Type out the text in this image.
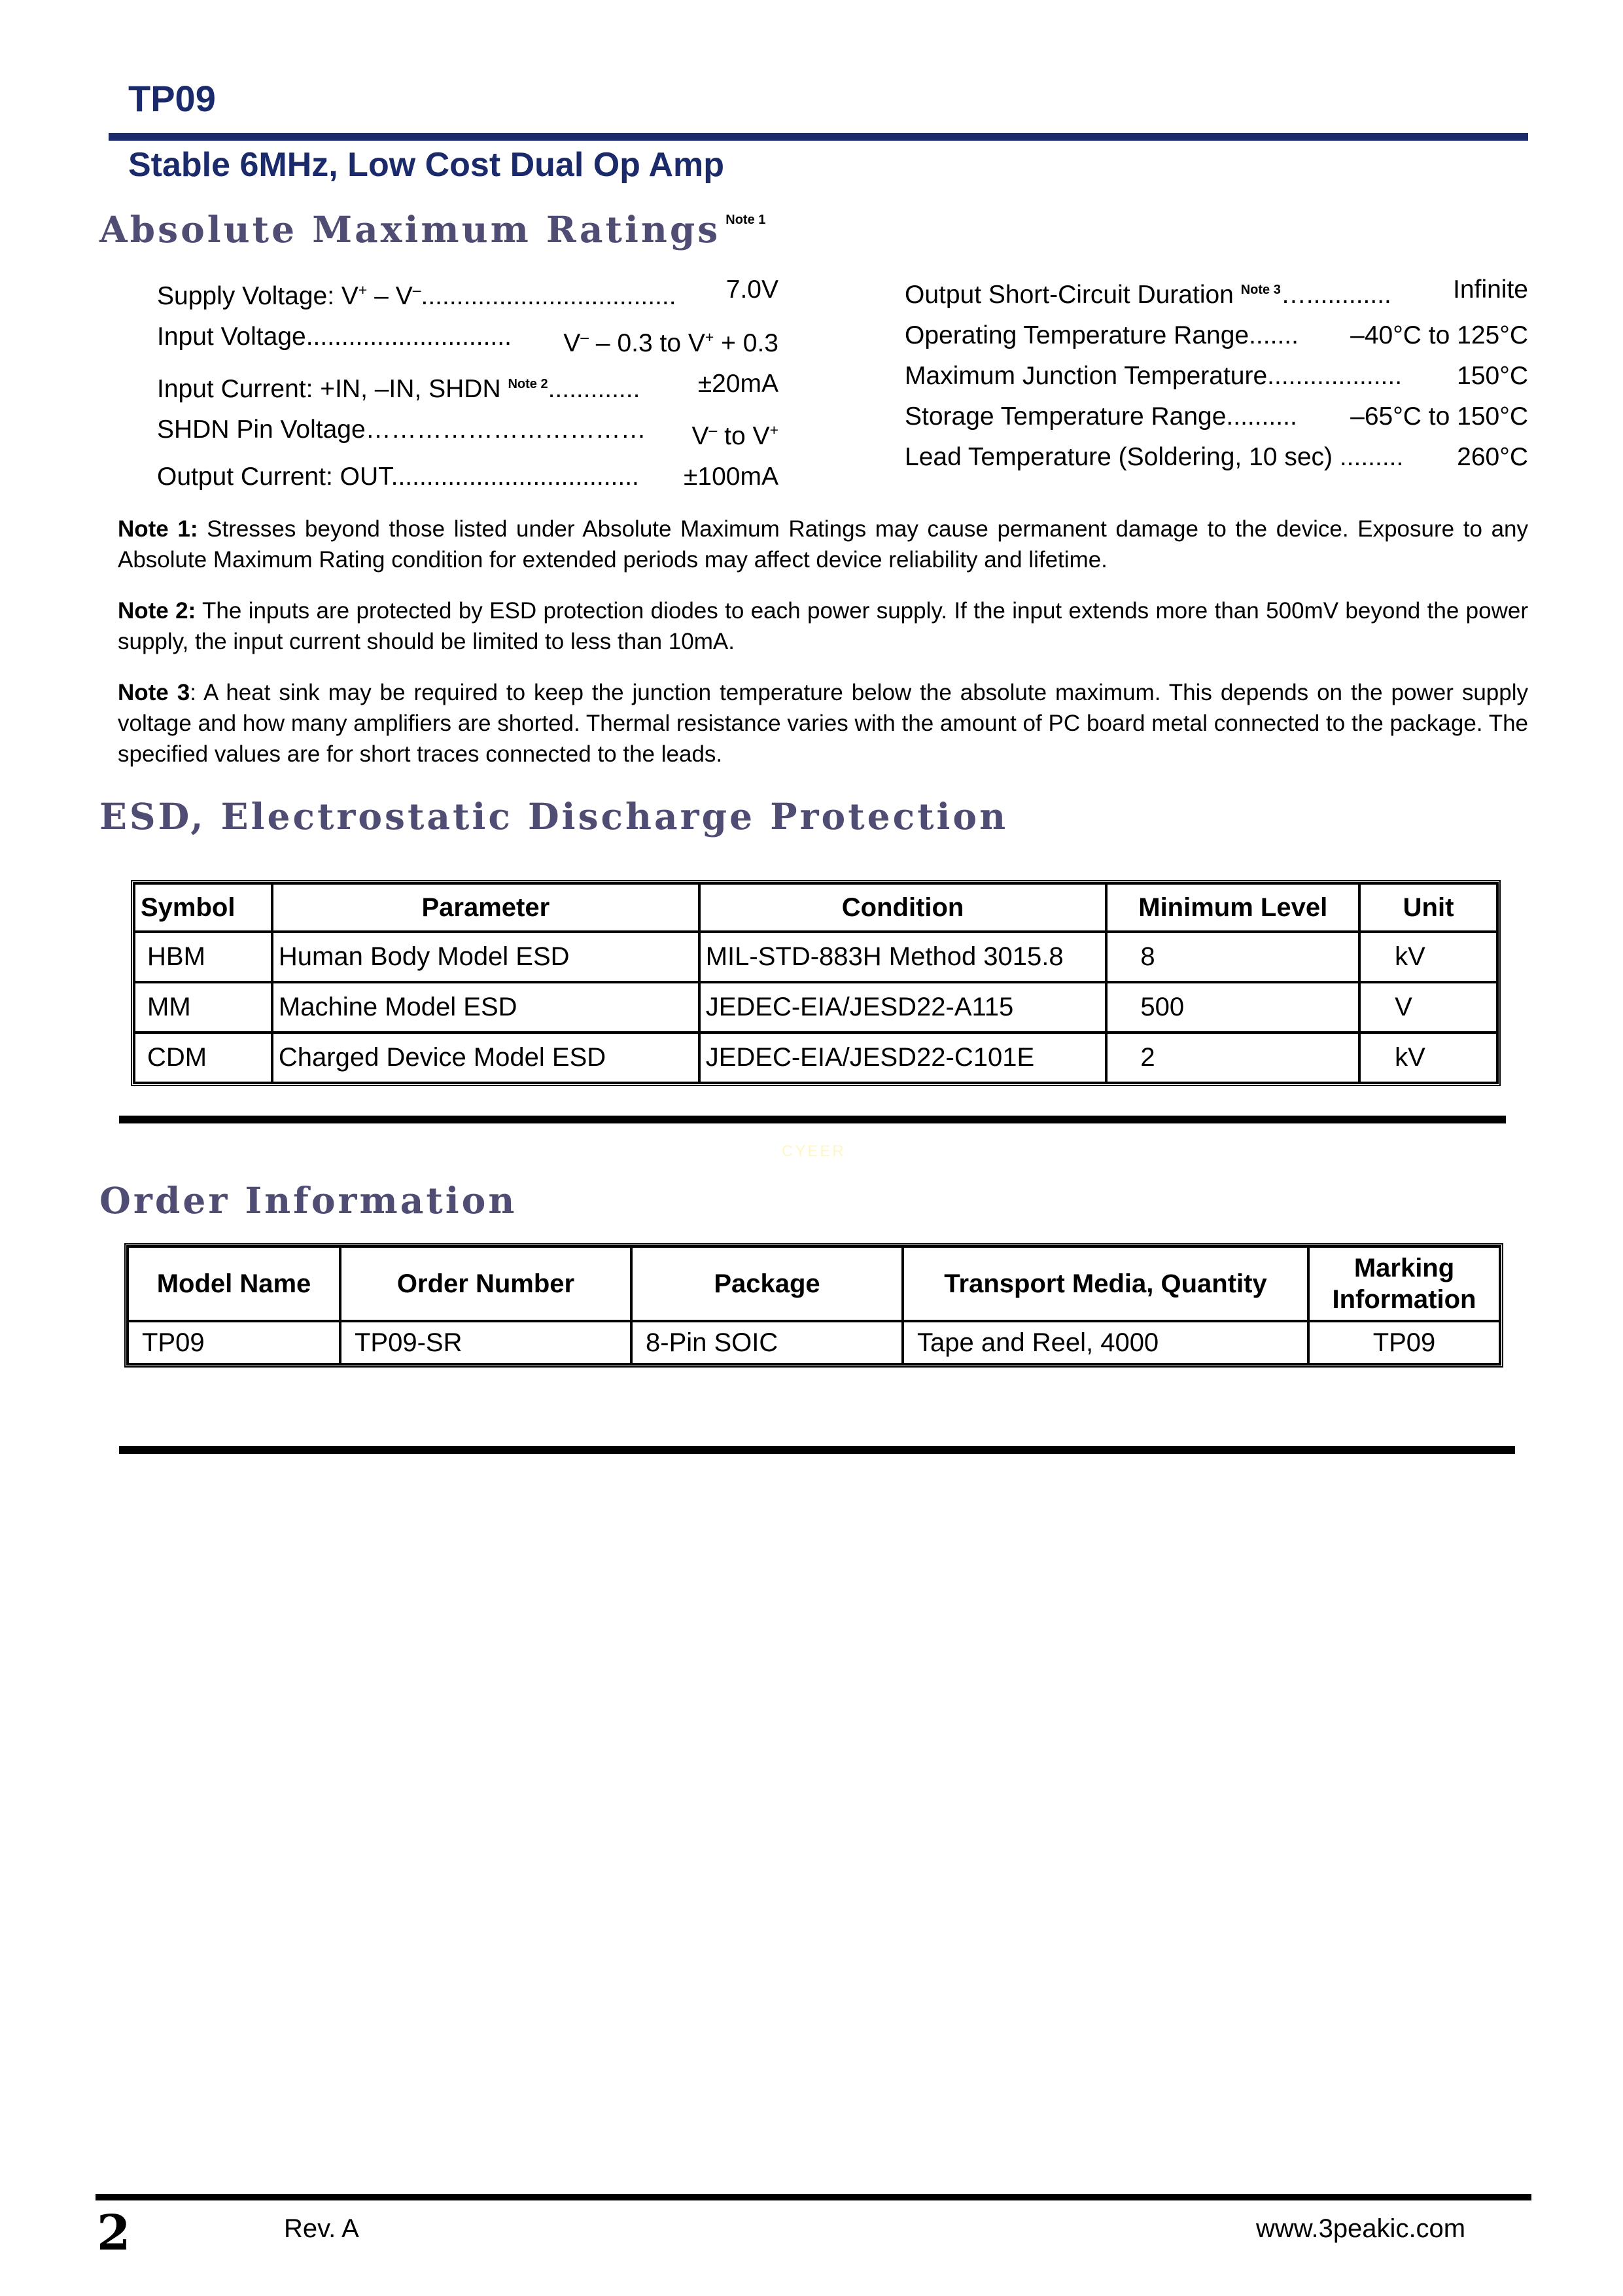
TP09
Stable 6MHz, Low Cost Dual Op Amp
Absolute Maximum Ratings $^{Note 1}$
Supply Voltage: V+ – V–.................................... 7.0V
Input Voltage............................. V– – 0.3 to V+ + 0.3
Input Current: +IN, –IN, SHDN $^{Note 2}$............. ±20mA
SHDN Pin Voltage…………………………… V– to V+
Output Current: OUT................................... ±100mA
Output Short-Circuit Duration $^{Note 3}$…............ Infinite
Operating Temperature Range....... –40°C to 125°C
Maximum Junction Temperature................... 150°C
Storage Temperature Range.......... –65°C to 150°C
Lead Temperature (Soldering, 10 sec) ......... 260°C
Note 1: Stresses beyond those listed under Absolute Maximum Ratings may cause permanent damage to the device. Exposure to any Absolute Maximum Rating condition for extended periods may affect device reliability and lifetime.
Note 2: The inputs are protected by ESD protection diodes to each power supply. If the input extends more than 500mV beyond the power supply, the input current should be limited to less than 10mA.
Note 3: A heat sink may be required to keep the junction temperature below the absolute maximum. This depends on the power supply voltage and how many amplifiers are shorted. Thermal resistance varies with the amount of PC board metal connected to the package. The specified values are for short traces connected to the leads.
ESD, Electrostatic Discharge Protection
Symbol	Parameter	Condition	Minimum Level	Unit
HBM	Human Body Model ESD	MIL-STD-883H Method 3015.8	8	kV
MM	Machine Model ESD	JEDEC-EIA/JESD22-A115	500	V
CDM	Charged Device Model ESD	JEDEC-EIA/JESD22-C101E	2	kV
CYEER
Order Information
Model Name	Order Number	Package	Transport Media, Quantity	Marking Information
TP09	TP09-SR	8-Pin SOIC	Tape and Reel, 4000	TP09
2	Rev. A	www.3peakic.com
